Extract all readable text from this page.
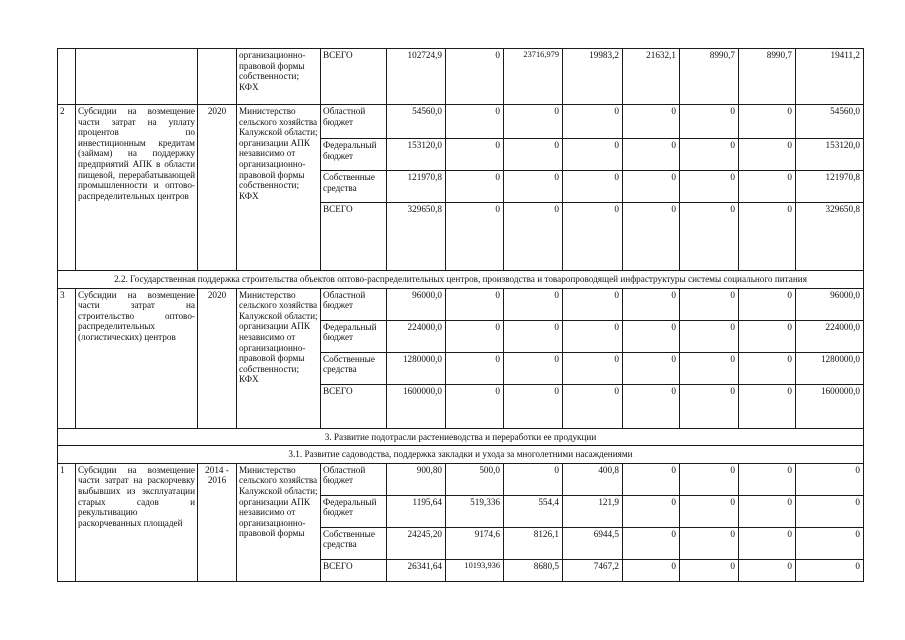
			организационно-правовой формы собственности; КФХ	ВСЕГО	102724,9	0	23716,979	19983,2	21632,1	8990,7	8990,7	19411,2
2	Субсидии на возмещение части затрат на уплату процентов по инвестиционным кредитам (займам) на поддержку предприятий АПК в области пищевой, перерабатывающей промышленности и оптово-распределительных центров	2020	Министерство сельского хозяйства Калужской области; организации АПК независимо от организационно-правовой формы собственности; КФХ	Областной бюджет	54560,0	0	0	0	0	0	0	54560,0
				Федеральный бюджет	153120,0	0	0	0	0	0	0	153120,0
				Собственные средства	121970,8	0	0	0	0	0	0	121970,8
				ВСЕГО	329650,8	0	0	0	0	0	0	329650,8
2.2. Государственная поддержка строительства объектов оптово-распределительных центров, производства и товаропроводящей инфраструктуры системы социального питания												
3	Субсидии на возмещение части затрат на строительство оптово-распределительных (логистических) центров	2020	Министерство сельского хозяйства Калужской области; организации АПК независимо от организационно-правовой формы собственности; КФХ	Областной бюджет	96000,0	0	0	0	0	0	0	96000,0
				Федеральный бюджет	224000,0	0	0	0	0	0	0	224000,0
				Собственные средства	1280000,0	0	0	0	0	0	0	1280000,0
				ВСЕГО	1600000,0	0	0	0	0	0	0	1600000,0
3. Развитие подотрасли растениеводства и переработки ее продукции												
3.1. Развитие садоводства, поддержка закладки и ухода за многолетними насаждениями												
1	Субсидии на возмещение части затрат на раскорчевку выбывших из эксплуатации старых садов и рекультивацию раскорчеванных площадей	2014 - 2016	Министерство сельского хозяйства Калужской области; организации АПК независимо от организационно-правовой формы	Областной бюджет	900,80	500,0	0	400,8	0	0	0	0
				Федеральный бюджет	1195,64	519,336	554,4	121,9	0	0	0	0
				Собственные средства	24245,20	9174,6	8126,1	6944,5	0	0	0	0
				ВСЕГО	26341,64	10193,936	8680,5	7467,2	0	0	0	0
